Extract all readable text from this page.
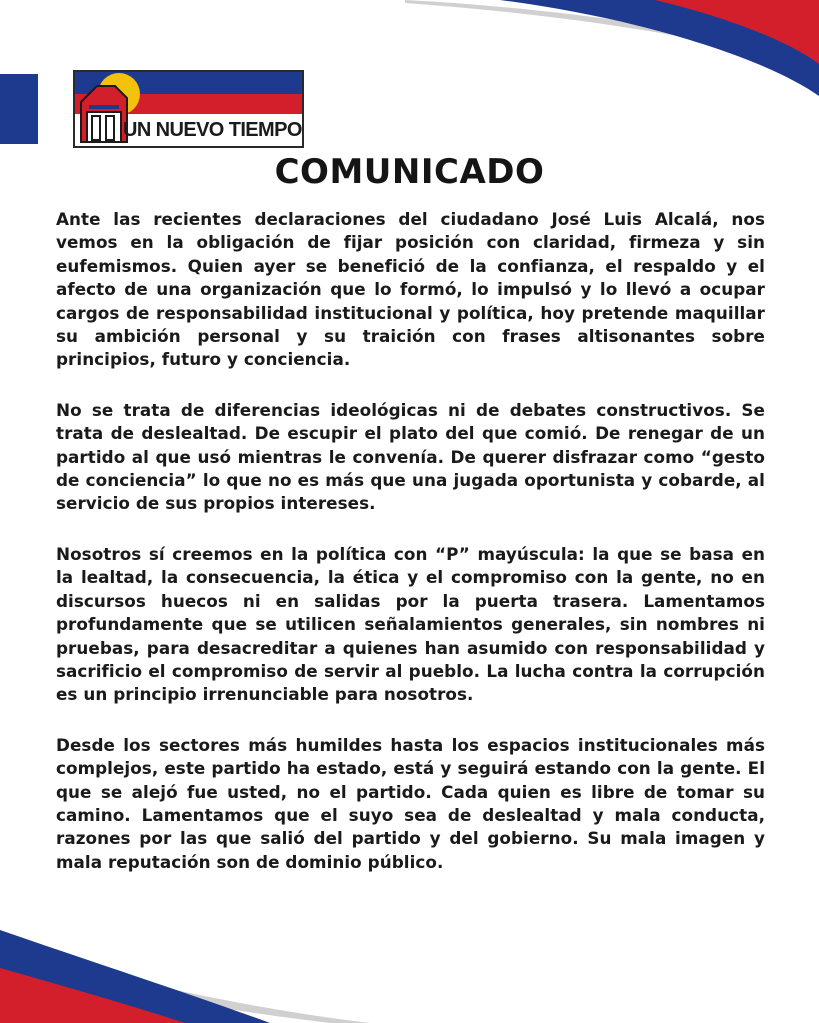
UN NUEVO TIEMPO
COMUNICADO

Ante las recientes declaraciones del ciudadano José Luis Alcalá, nos vemos en la obligación de fijar posición con claridad, firmeza y sin eufemismos. Quien ayer se benefició de la confianza, el respaldo y el afecto de una organización que lo formó, lo impulsó y lo llevó a ocupar cargos de responsabilidad institucional y política, hoy pretende maquillar su ambición personal y su traición con frases altisonantes sobre principios, futuro y conciencia.

No se trata de diferencias ideológicas ni de debates constructivos. Se trata de deslealtad. De escupir el plato del que comió. De renegar de un partido al que usó mientras le convenía. De querer disfrazar como “gesto de conciencia” lo que no es más que una jugada oportunista y cobarde, al servicio de sus propios intereses.

Nosotros sí creemos en la política con “P” mayúscula: la que se basa en la lealtad, la consecuencia, la ética y el compromiso con la gente, no en discursos huecos ni en salidas por la puerta trasera. Lamentamos profundamente que se utilicen señalamientos generales, sin nombres ni pruebas, para desacreditar a quienes han asumido con responsabilidad y sacrificio el compromiso de servir al pueblo. La lucha contra la corrupción es un principio irrenunciable para nosotros.

Desde los sectores más humildes hasta los espacios institucionales más complejos, este partido ha estado, está y seguirá estando con la gente. El que se alejó fue usted, no el partido. Cada quien es libre de tomar su camino. Lamentamos que el suyo sea de deslealtad y mala conducta, razones por las que salió del partido y del gobierno. Su mala imagen y mala reputación son de dominio público.
